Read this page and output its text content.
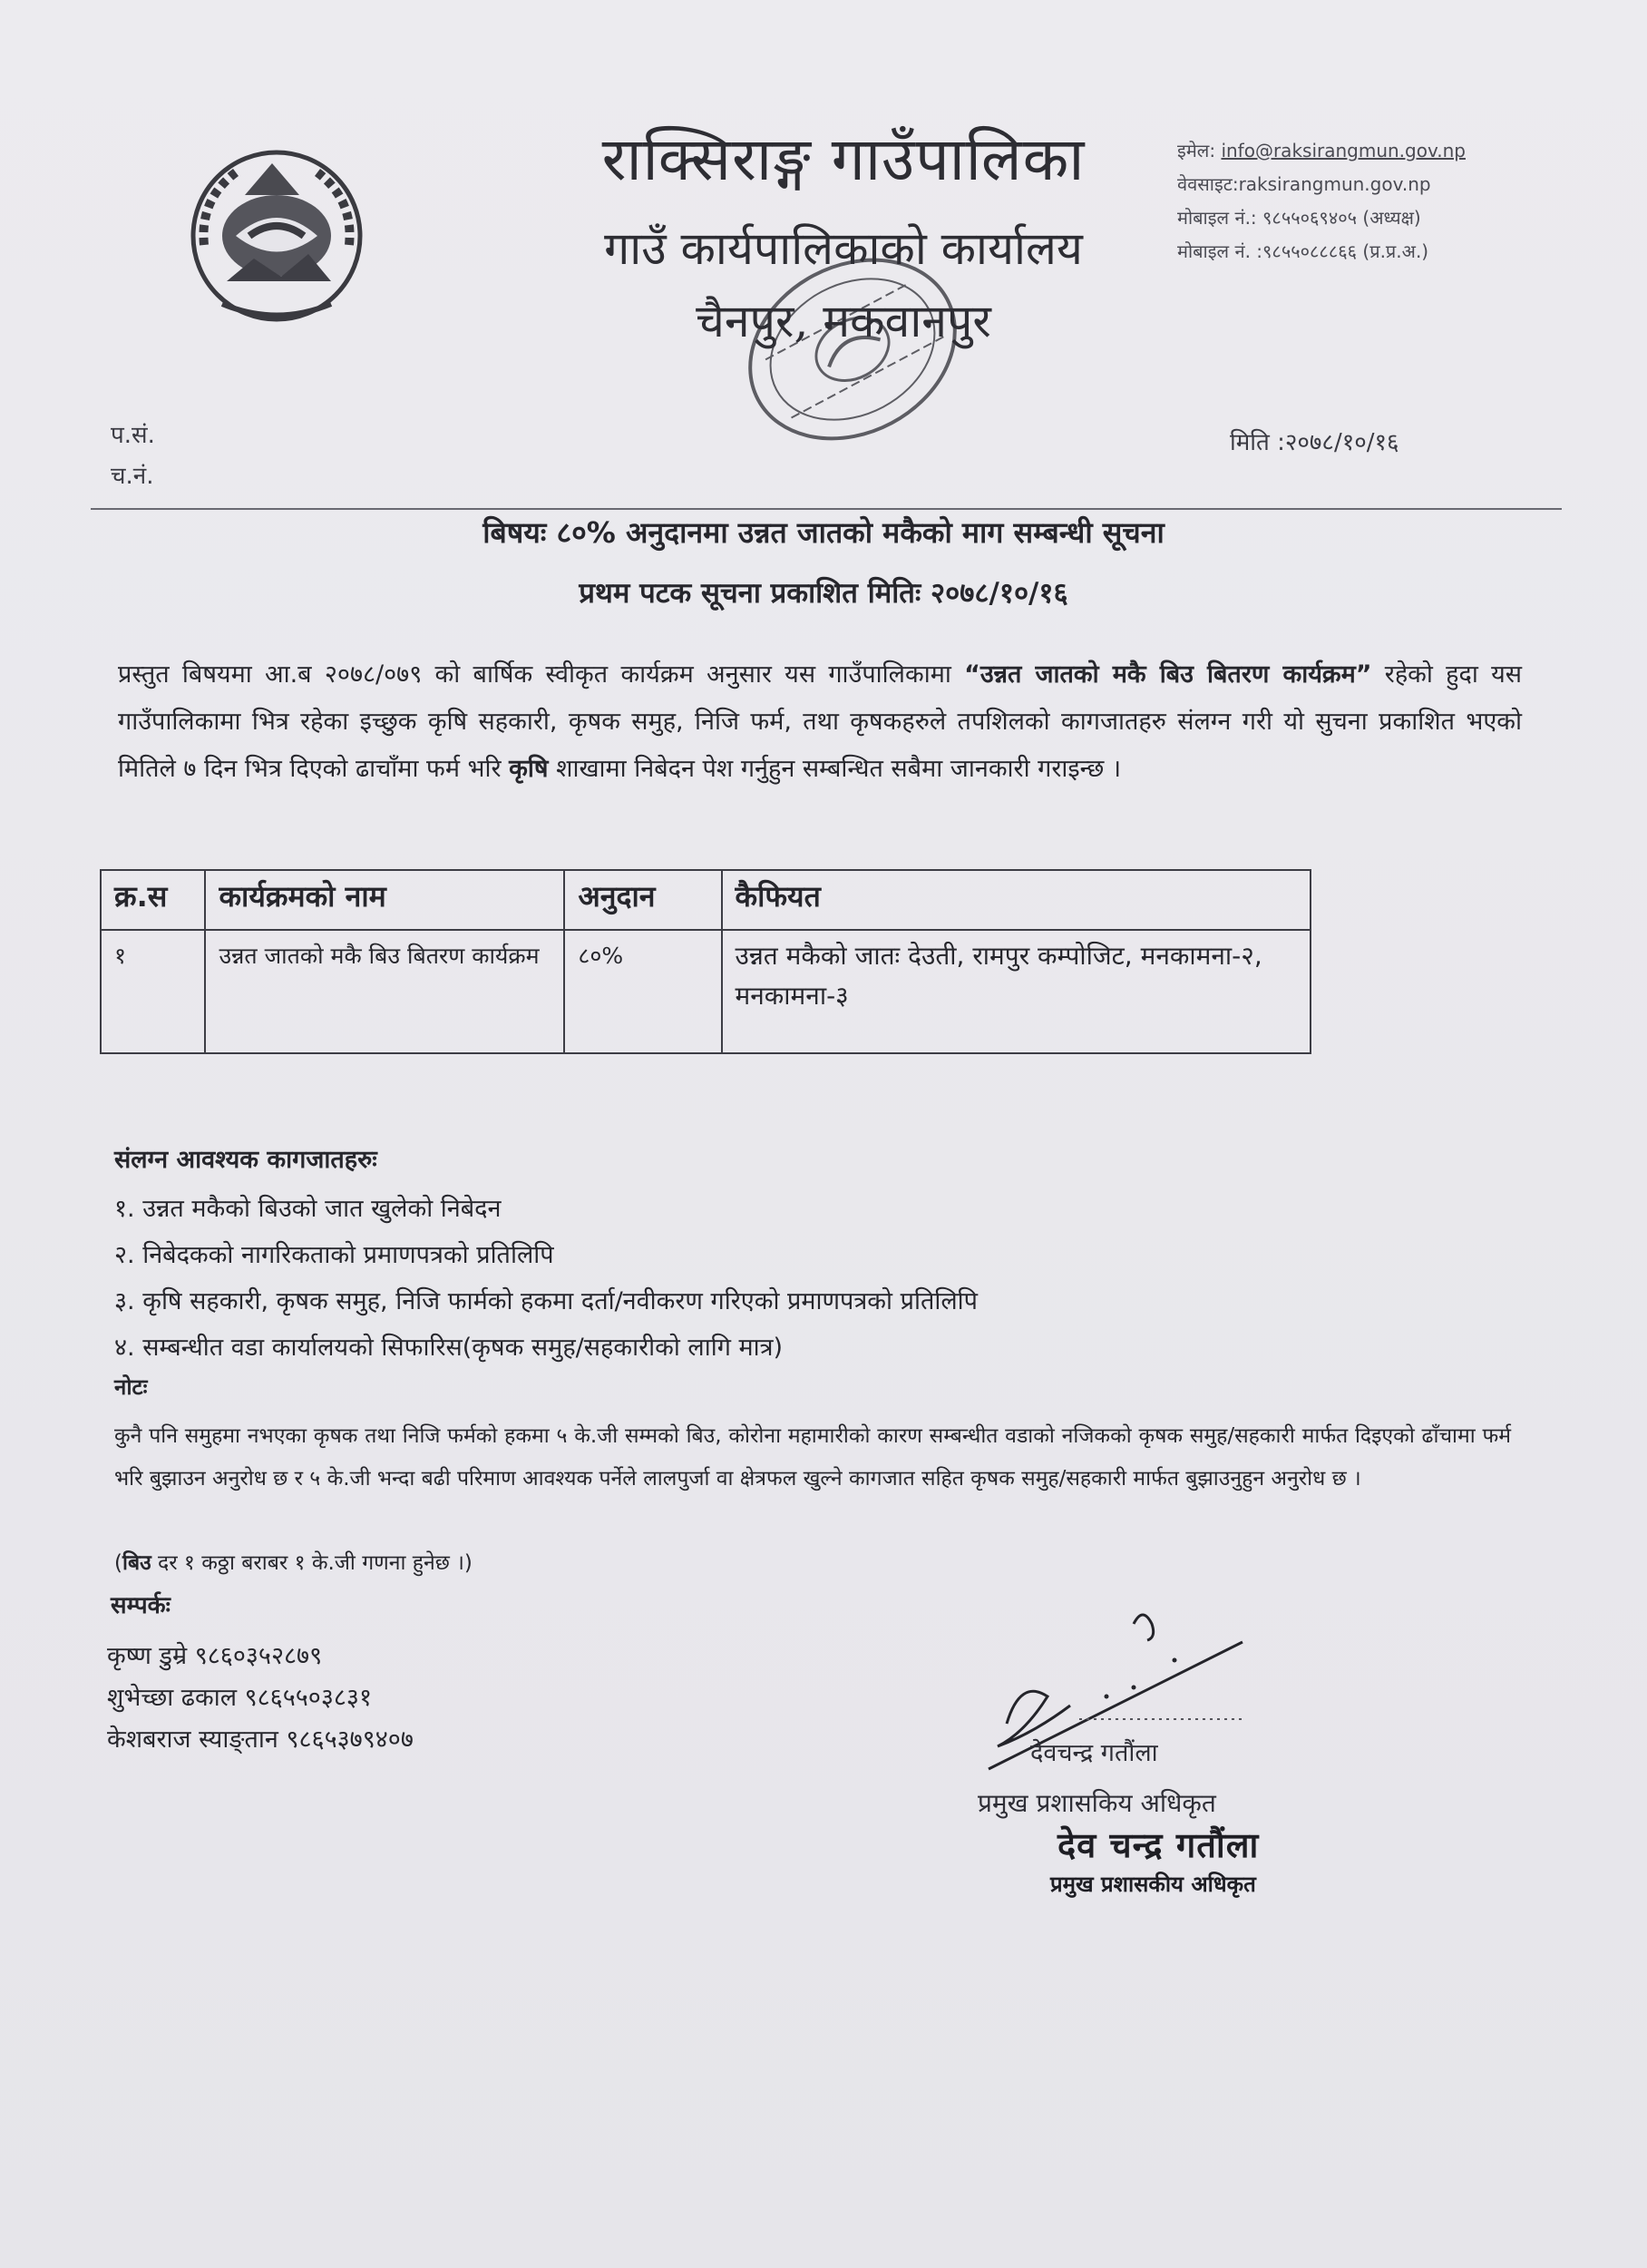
राक्सिराङ्ग गाउँपालिका
गाउँ कार्यपालिकाको कार्यालय
चैनपुर, मकवानपुर
इमेल: info@raksirangmun.gov.np
वेवसाइट:raksirangmun.gov.np
मोबाइल नं.: ९८५५०६९४०५ (अध्यक्ष)
मोबाइल नं. :९८५५०८८८६६ (प्र.प्र.अ.)
प.सं.
च.नं.
मिति :२०७८/१०/१६
बिषयः ८०% अनुदानमा उन्नत जातको मकैको माग सम्बन्धी सूचना
प्रथम पटक सूचना प्रकाशित मितिः २०७८/१०/१६
प्रस्तुत बिषयमा आ.ब २०७८/०७९ को बार्षिक स्वीकृत कार्यक्रम अनुसार यस गाउँपालिकामा “उन्नत जातको मकै बिउ बितरण कार्यक्रम” रहेको हुदा यस गाउँपालिकामा भित्र रहेका इच्छुक कृषि सहकारी, कृषक समुह, निजि फर्म, तथा कृषकहरुले तपशिलको कागजातहरु संलग्न गरी यो सुचना प्रकाशित भएको मितिले ७ दिन भित्र दिएको ढाचाँमा फर्म भरि कृषि शाखामा निबेदन पेश गर्नुहुन सम्बन्धित सबैमा जानकारी गराइन्छ ।
क्र.स	कार्यक्रमको नाम	अनुदान	कैफियत
१	उन्नत जातको मकै बिउ बितरण कार्यक्रम	८०%	उन्नत मकैको जातः देउती, रामपुर कम्पोजिट, मनकामना-२, मनकामना-३
संलग्न आवश्यक कागजातहरुः
१. उन्नत मकैको बिउको जात खुलेको निबेदन
२. निबेदकको नागरिकताको प्रमाणपत्रको प्रतिलिपि
३. कृषि सहकारी, कृषक समुह, निजि फार्मको हकमा दर्ता/नवीकरण गरिएको प्रमाणपत्रको प्रतिलिपि
४. सम्बन्धीत वडा कार्यालयको सिफारिस(कृषक समुह/सहकारीको लागि मात्र)
नोटः
कुनै पनि समुहमा नभएका कृषक तथा निजि फर्मको हकमा ५ के.जी सम्मको बिउ, कोरोना महामारीको कारण सम्बन्धीत वडाको नजिकको कृषक समुह/सहकारी मार्फत दिइएको ढाँचामा फर्म भरि बुझाउन अनुरोध छ र ५ के.जी भन्दा बढी परिमाण आवश्यक पर्नेले लालपुर्जा वा क्षेत्रफल खुल्ने कागजात सहित कृषक समुह/सहकारी मार्फत बुझाउनुहुन अनुरोध छ ।
(बिउ दर १ कठ्ठा बराबर १ के.जी गणना हुनेछ ।)
सम्पर्कः
कृष्ण डुम्रे ९८६०३५२८७९
शुभेच्छा ढकाल ९८६५५०३८३१
केशबराज स्याङ्तान ९८६५३७९४०७	देवचन्द्र गतौंला
प्रमुख प्रशासकिय अधिकृत
देव चन्द्र गतौंला
प्रमुख प्रशासकीय अधिकृत
